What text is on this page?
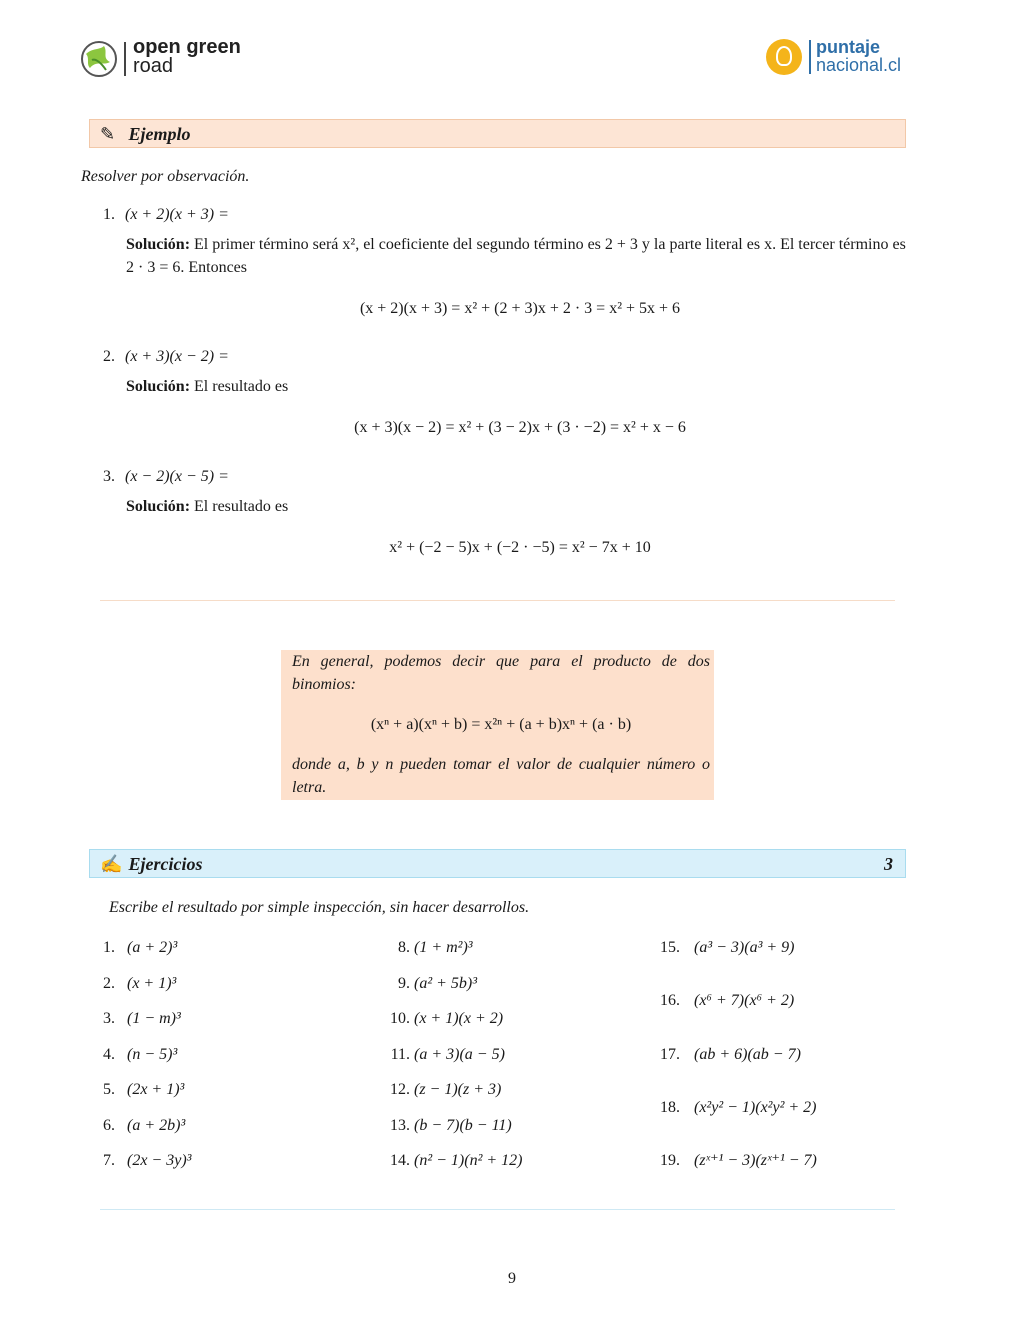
open green
road
puntaje
nacional.cl
✎ Ejemplo
Resolver por observación.
1. (x + 2)(x + 3) =
Solución: El primer término será x², el coeficiente del segundo término es 2 + 3 y la parte literal es x. El tercer término es 2 · 3 = 6. Entonces
(x + 2)(x + 3) = x² + (2 + 3)x + 2 · 3 = x² + 5x + 6
2. (x + 3)(x − 2) =
Solución: El resultado es
(x + 3)(x − 2) = x² + (3 − 2)x + (3 · −2) = x² + x − 6
3. (x − 2)(x − 5) =
Solución: El resultado es
x² + (−2 − 5)x + (−2 · −5) = x² − 7x + 10
En general, podemos decir que para el producto de dos binomios:
(xⁿ + a)(xⁿ + b) = x²ⁿ + (a + b)xⁿ + (a · b)
donde a, b y n pueden tomar el valor de cualquier número o letra.
✍ Ejercicios	3
Escribe el resultado por simple inspección, sin hacer desarrollos.
1. (a + 2)³
2. (x + 1)³
3. (1 − m)³
4. (n − 5)³
5. (2x + 1)³
6. (a + 2b)³
7. (2x − 3y)³
8. (1 + m²)³
9. (a² + 5b)³
10. (x + 1)(x + 2)
11. (a + 3)(a − 5)
12. (z − 1)(z + 3)
13. (b − 7)(b − 11)
14. (n² − 1)(n² + 12)
15. (a³ − 3)(a³ + 9)
16. (x⁶ + 7)(x⁶ + 2)
17. (ab + 6)(ab − 7)
18. (x²y² − 1)(x²y² + 2)
19. (zˣ⁺¹ − 3)(zˣ⁺¹ − 7)
9
